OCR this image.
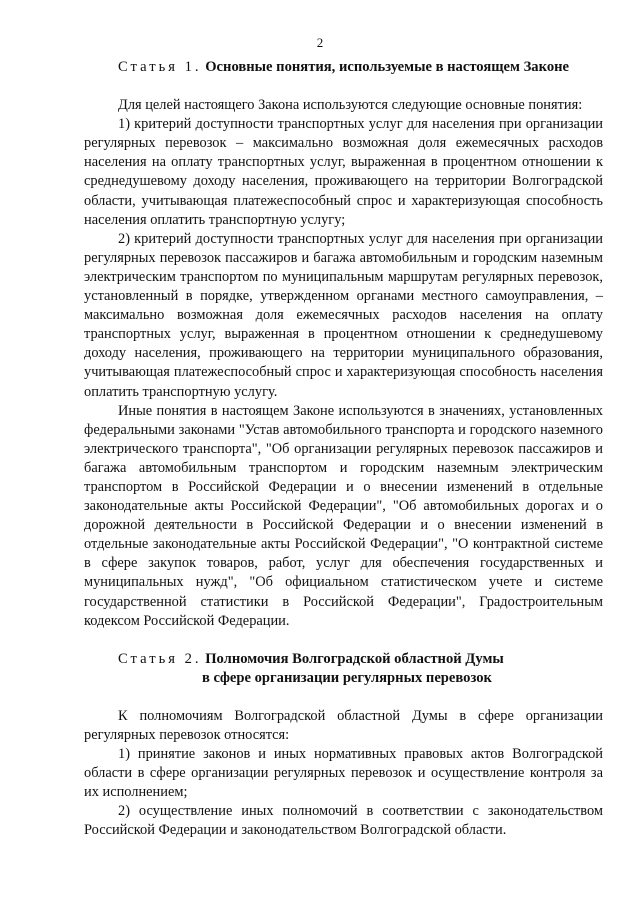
2

Статья 1. Основные понятия, используемые в настоящем Законе

Для целей настоящего Закона используются следующие основные понятия:

1) критерий доступности транспортных услуг для населения при организации регулярных перевозок – максимально возможная доля ежемесячных расходов населения на оплату транспортных услуг, выраженная в процентном отношении к среднедушевому доходу населения, проживающего на территории Волгоградской области, учитывающая платежеспособный спрос и характеризующая способность населения оплатить транспортную услугу;

2) критерий доступности транспортных услуг для населения при организации регулярных перевозок пассажиров и багажа автомобильным и городским наземным электрическим транспортом по муниципальным маршрутам регулярных перевозок, установленный в порядке, утвержденном органами местного самоуправления, – максимально возможная доля ежемесячных расходов населения на оплату транспортных услуг, выраженная в процентном отношении к среднедушевому доходу населения, проживающего на территории муниципального образования, учитывающая платежеспособный спрос и характеризующая способность населения оплатить транспортную услугу.

Иные понятия в настоящем Законе используются в значениях, установленных федеральными законами "Устав автомобильного транспорта и городского наземного электрического транспорта", "Об организации регулярных перевозок пассажиров и багажа автомобильным транспортом и городским наземным электрическим транспортом в Российской Федерации и о внесении изменений в отдельные законодательные акты Российской Федерации", "Об автомобильных дорогах и о дорожной деятельности в Российской Федерации и о внесении изменений в отдельные законодательные акты Российской Федерации", "О контрактной системе в сфере закупок товаров, работ, услуг для обеспечения государственных и муниципальных нужд", "Об официальном статистическом учете и системе государственной статистики в Российской Федерации", Градостроительным кодексом Российской Федерации.

Статья 2. Полномочия Волгоградской областной Думы
в сфере организации регулярных перевозок

К полномочиям Волгоградской областной Думы в сфере организации регулярных перевозок относятся:

1) принятие законов и иных нормативных правовых актов Волгоградской области в сфере организации регулярных перевозок и осуществление контроля за их исполнением;

2) осуществление иных полномочий в соответствии с законодательством Российской Федерации и законодательством Волгоградской области.
